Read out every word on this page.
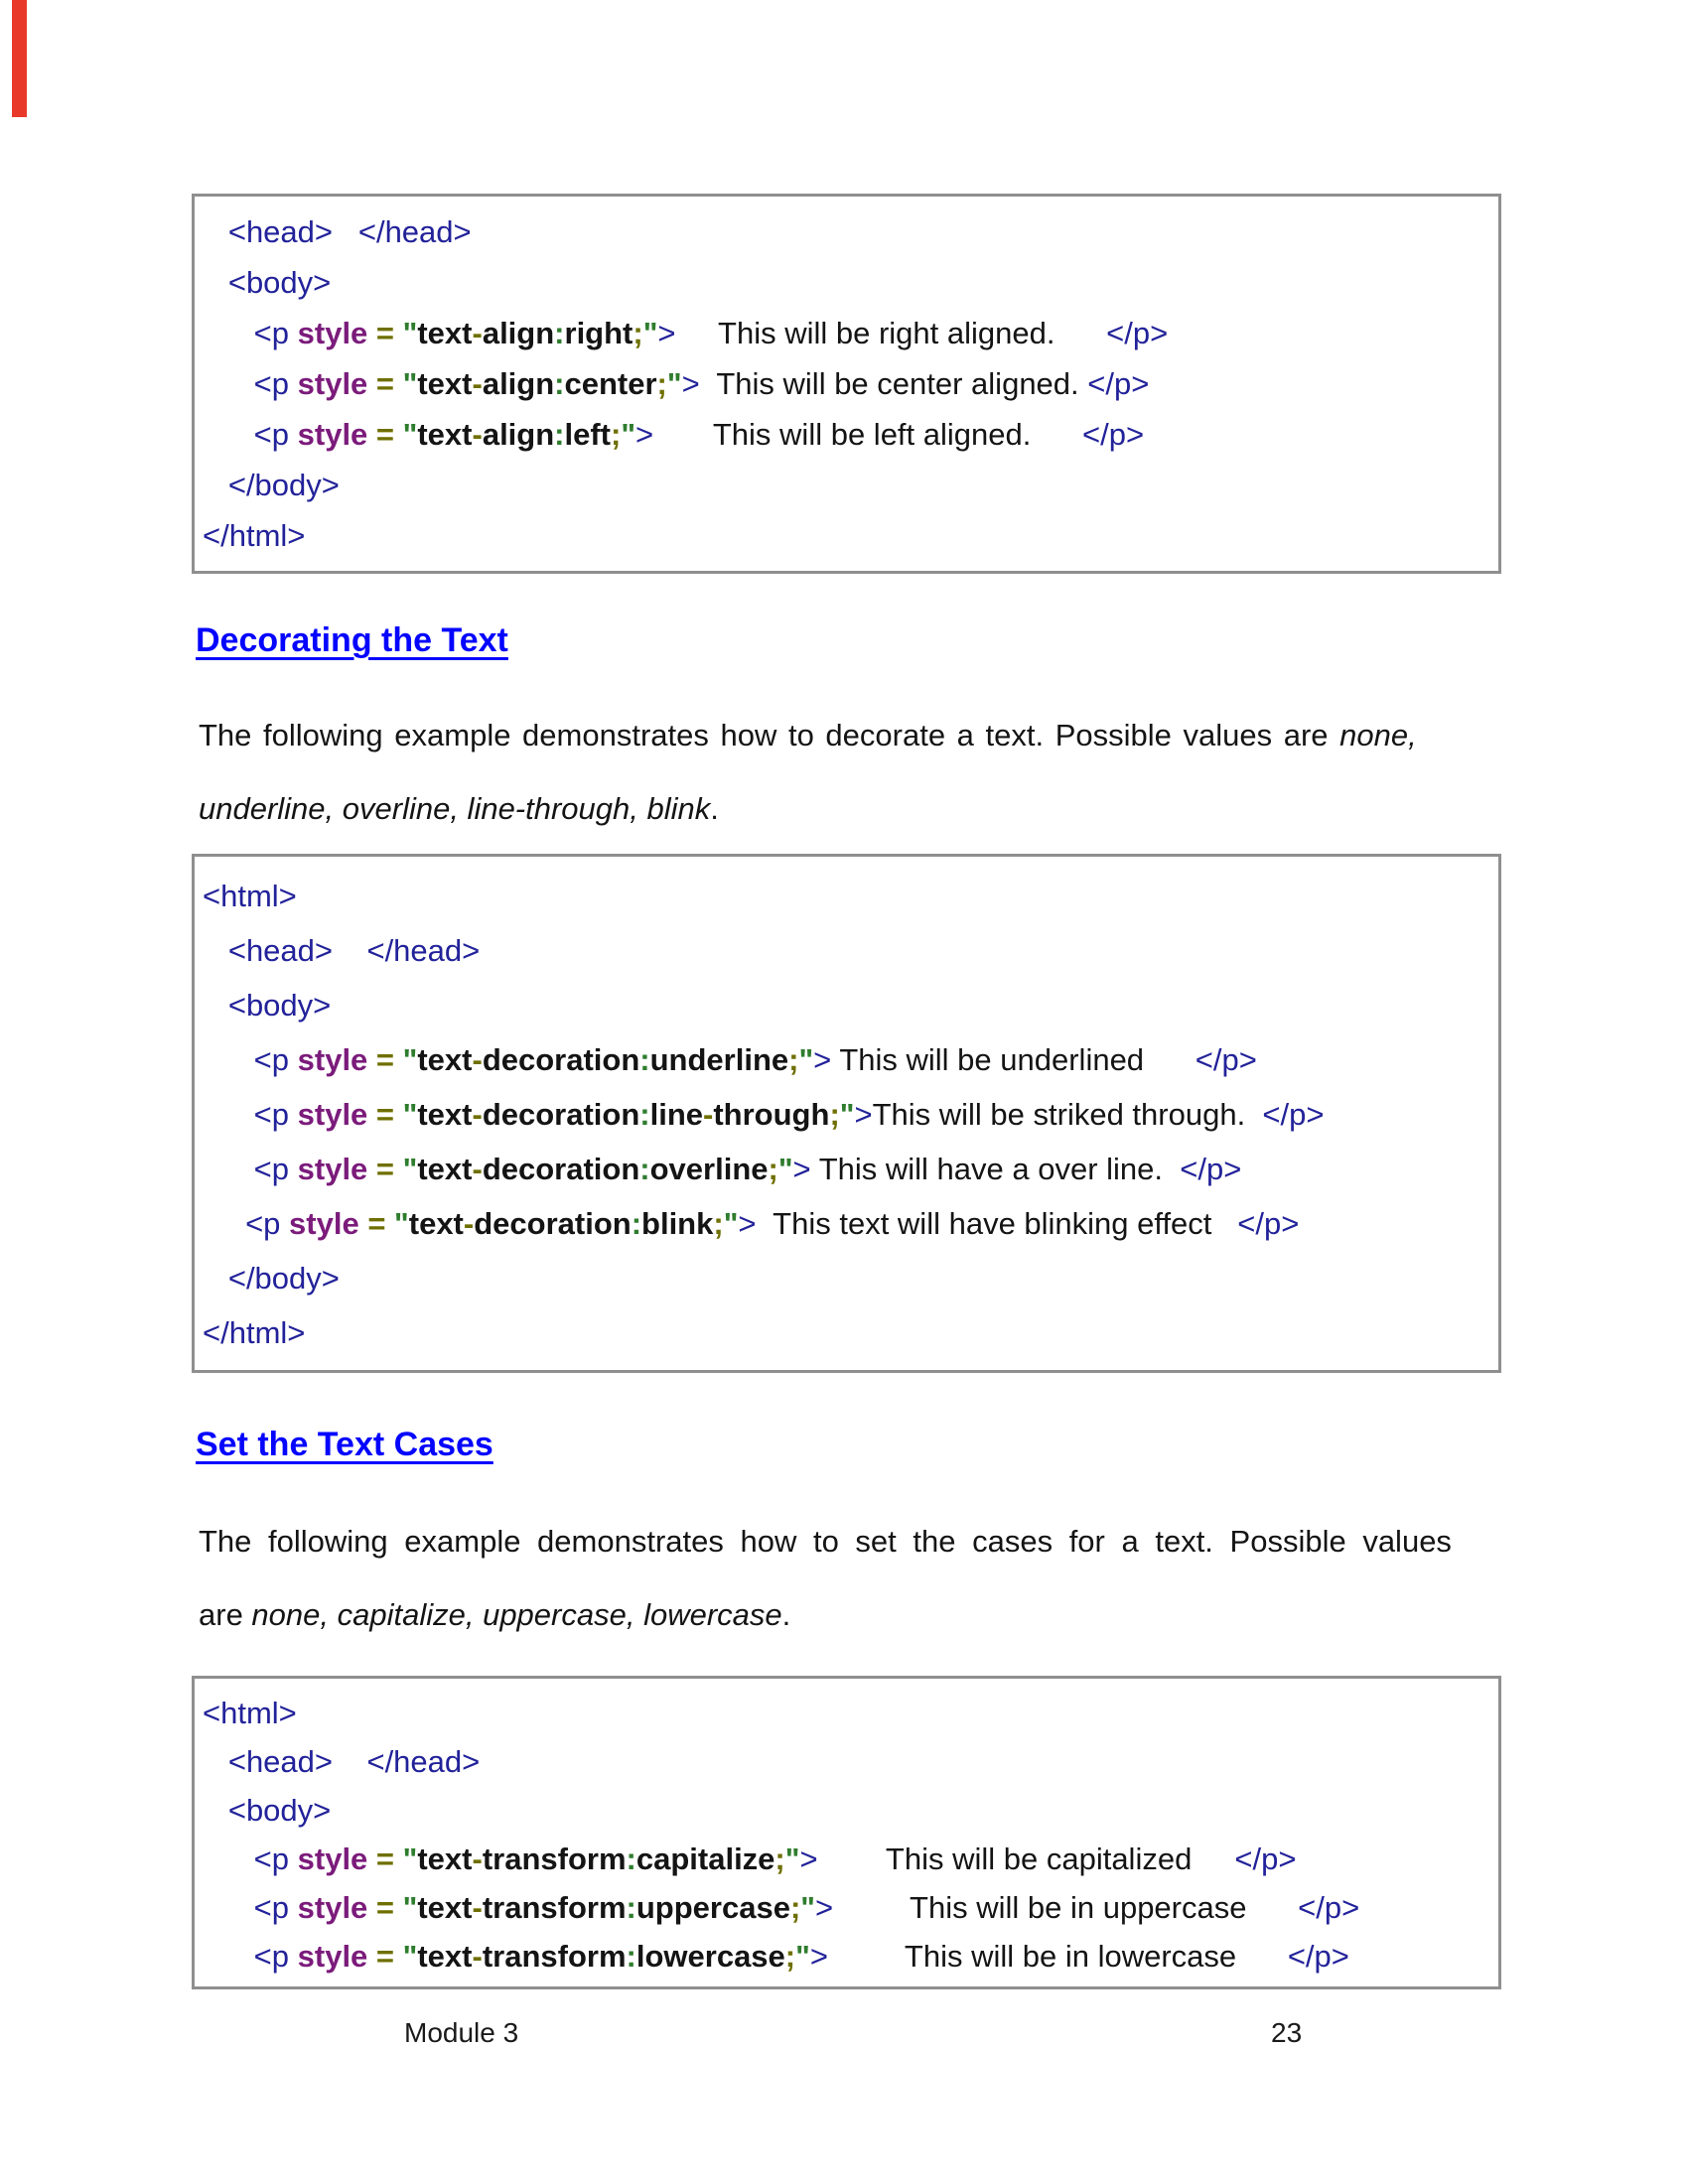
<head>   </head>
<body>
<p style = "text-align:right;">     This will be right aligned.      </p>
<p style = "text-align:center;">  This will be center aligned. </p>
<p style = "text-align:left;">       This will be left aligned.      </p>
</body>
</html>
Decorating the Text
The following example demonstrates how to decorate a text. Possible values are none,
underline, overline, line-through, blink.
<html>
<head>    </head>
<body>
<p style = "text-decoration:underline;"> This will be underlined      </p>
<p style = "text-decoration:line-through;">This will be striked through.  </p>
<p style = "text-decoration:overline;"> This will have a over line.  </p>
<p style = "text-decoration:blink;">  This text will have blinking effect   </p>
</body>
</html>
Set the Text Cases
The following example demonstrates how to set the cases for a text. Possible values
are none, capitalize, uppercase, lowercase.
<html>
<head>    </head>
<body>
<p style = "text-transform:capitalize;">        This will be capitalized     </p>
<p style = "text-transform:uppercase;">         This will be in uppercase      </p>
<p style = "text-transform:lowercase;">         This will be in lowercase      </p>
Module 3	23
